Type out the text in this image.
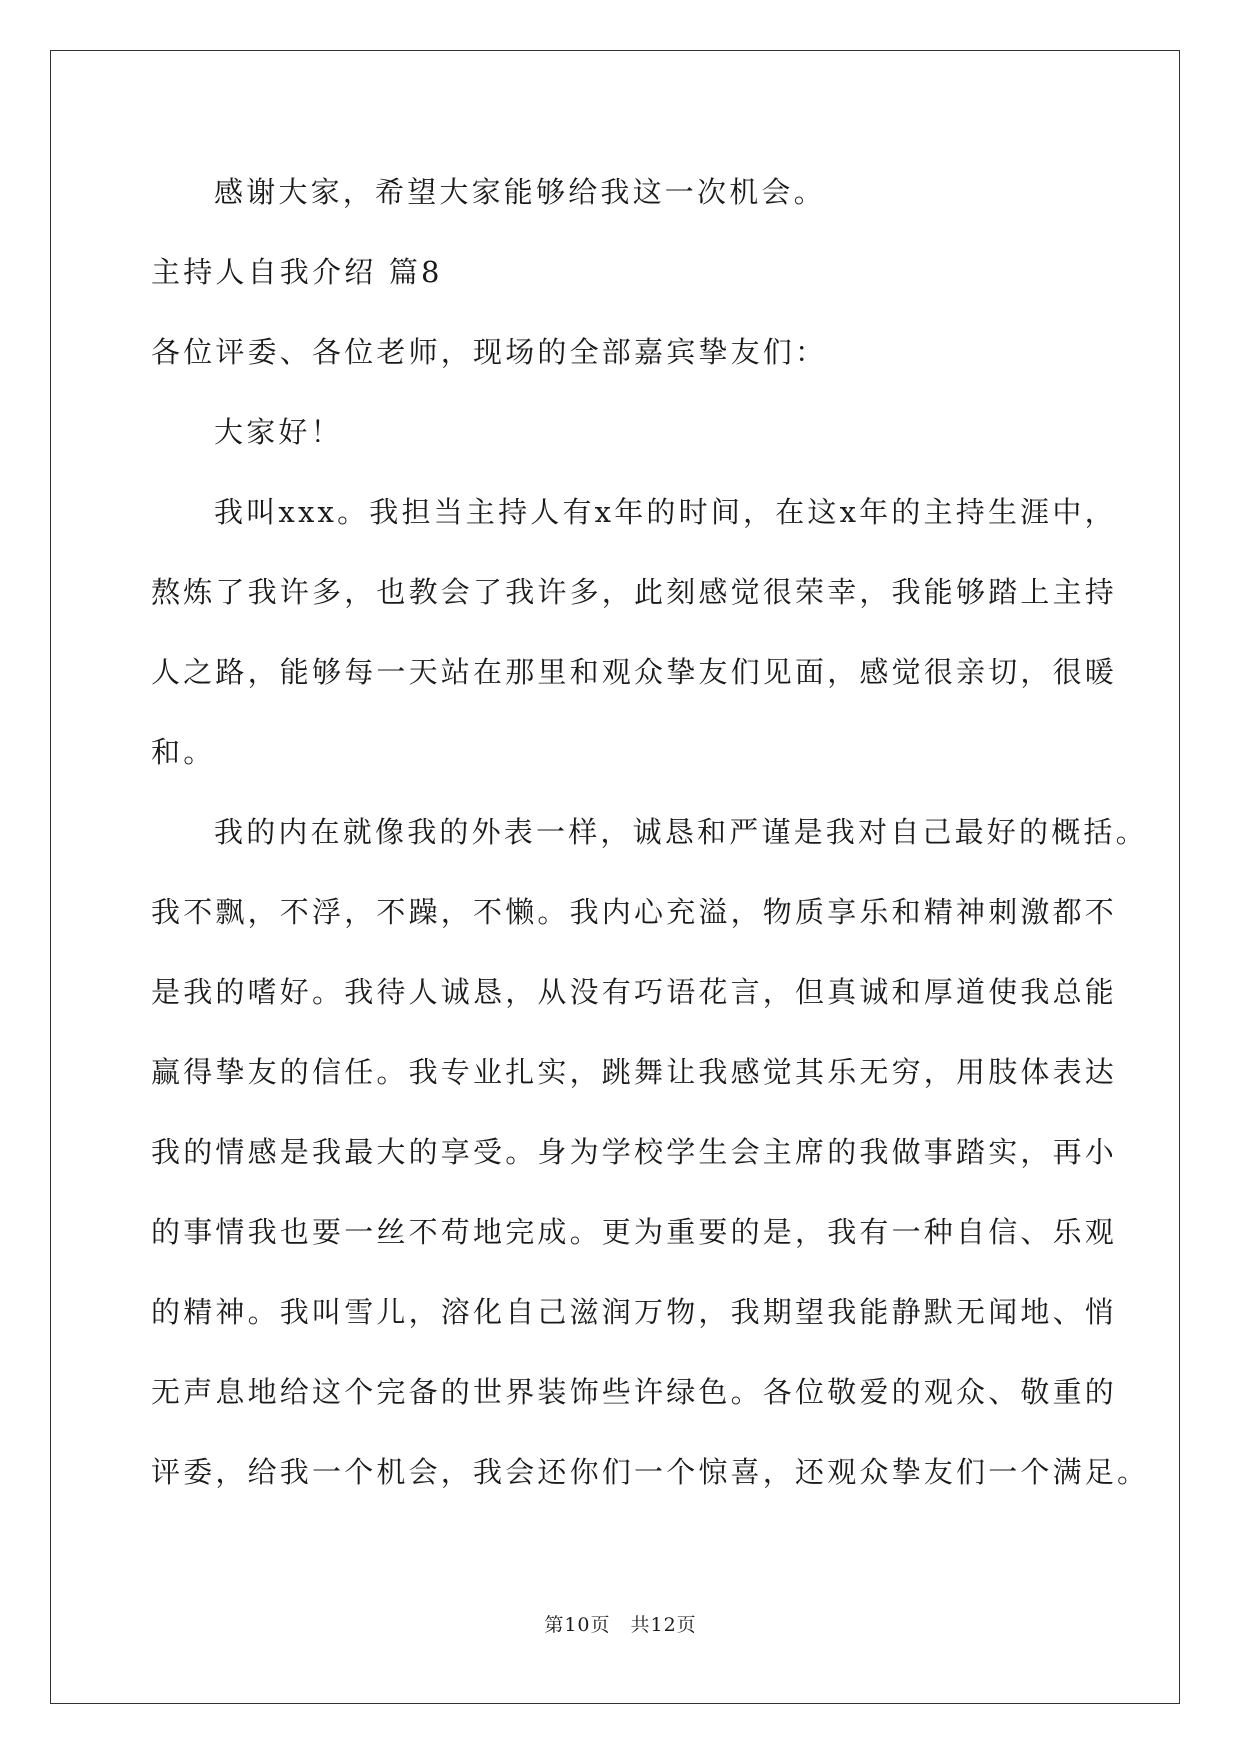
感谢大家，希望大家能够给我这一次机会。
主持人自我介绍 篇8
各位评委、各位老师，现场的全部嘉宾挚友们：
大家好！
我叫xxx。我担当主持人有x年的时间，在这x年的主持生涯中，
熬炼了我许多，也教会了我许多，此刻感觉很荣幸，我能够踏上主持
人之路，能够每一天站在那里和观众挚友们见面，感觉很亲切，很暖
和。
我的内在就像我的外表一样，诚恳和严谨是我对自己最好的概括。
我不飘，不浮，不躁，不懒。我内心充溢，物质享乐和精神刺激都不
是我的嗜好。我待人诚恳，从没有巧语花言，但真诚和厚道使我总能
赢得挚友的信任。我专业扎实，跳舞让我感觉其乐无穷，用肢体表达
我的情感是我最大的享受。身为学校学生会主席的我做事踏实，再小
的事情我也要一丝不苟地完成。更为重要的是，我有一种自信、乐观
的精神。我叫雪儿，溶化自己滋润万物，我期望我能静默无闻地、悄
无声息地给这个完备的世界装饰些许绿色。各位敬爱的观众、敬重的
评委，给我一个机会，我会还你们一个惊喜，还观众挚友们一个满足。
第10页　共12页
